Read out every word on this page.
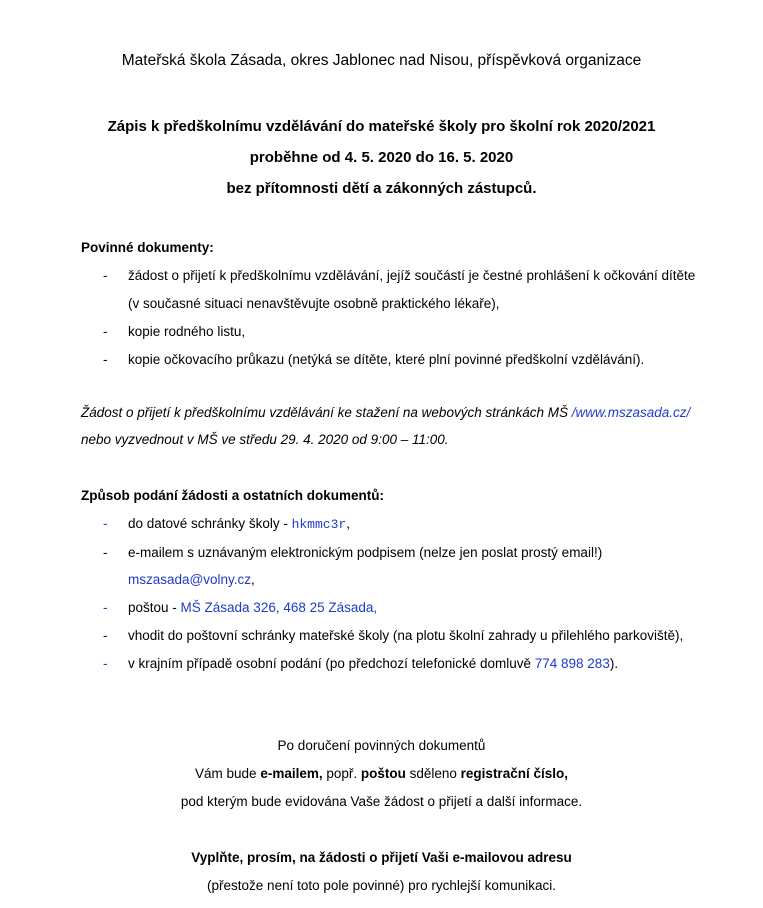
Mateřská škola Zásada, okres Jablonec nad Nisou, příspěvková organizace
Zápis k předškolnímu vzdělávání do mateřské školy pro školní rok 2020/2021
proběhne od 4. 5. 2020 do 16. 5. 2020
bez přítomnosti dětí a zákonných zástupců.
Povinné dokumenty:
- žádost o přijetí k předškolnímu vzdělávání, jejíž součástí je čestné prohlášení k očkování dítěte
(v současné situaci nenavštěvujte osobně praktického lékaře),
- kopie rodného listu,
- kopie očkovacího průkazu (netýká se dítěte, které plní povinné předškolní vzdělávání).
Žádost o přijetí k předškolnímu vzdělávání ke stažení na webových stránkách MŠ /www.mszasada.cz/
nebo vyzvednout v MŠ ve středu 29. 4. 2020 od 9:00 – 11:00.
Způsob podání žádosti a ostatních dokumentů:
- do datové schránky školy - hkmmc3r,
- e-mailem s uznávaným elektronickým podpisem (nelze jen poslat prostý email!)
mszasada@volny.cz,
- poštou - MŠ Zásada 326, 468 25 Zásada,
- vhodit do poštovní schránky mateřské školy (na plotu školní zahrady u přilehlého parkoviště),
- v krajním případě osobní podání (po předchozí telefonické domluvě 774 898 283).
Po doručení povinných dokumentů
Vám bude e-mailem, popř. poštou sděleno registrační číslo,
pod kterým bude evidována Vaše žádost o přijetí a další informace.
Vyplňte, prosím, na žádosti o přijetí Vaši e-mailovou adresu
(přestože není toto pole povinné) pro rychlejší komunikaci.
